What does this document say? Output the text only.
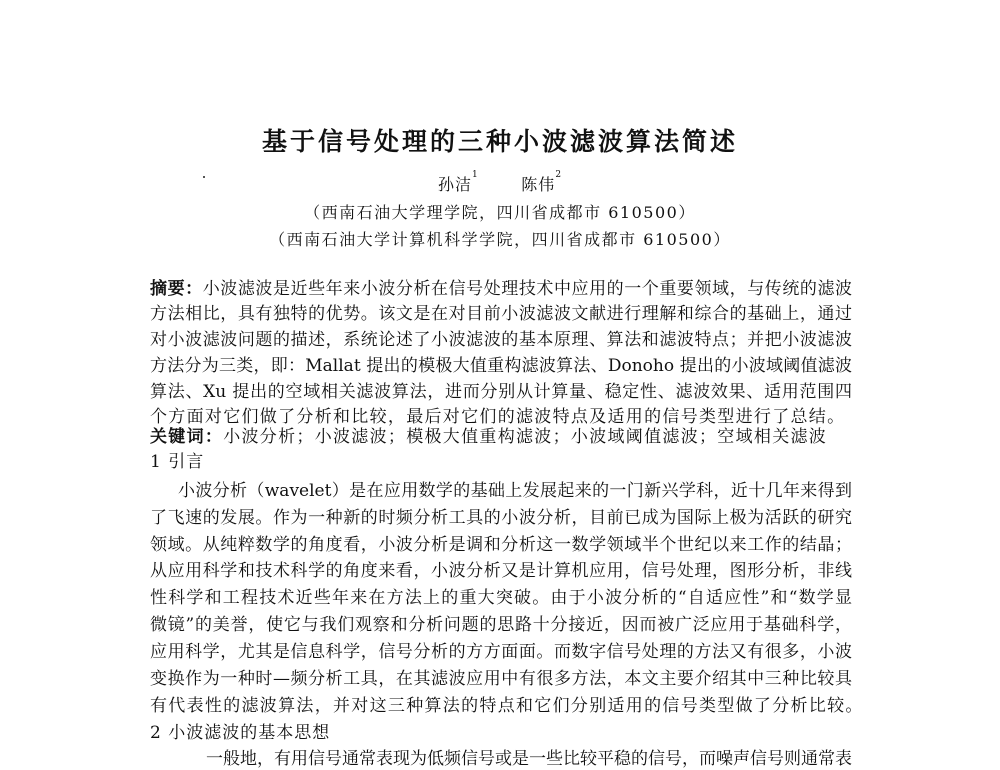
基于信号处理的三种小波滤波算法简述
孙洁$^1$	陈伟$^2$
（西南石油大学理学院，四川省成都市 610500）
（西南石油大学计算机科学学院，四川省成都市 610500）
摘要：小波滤波是近些年来小波分析在信号处理技术中应用的一个重要领域，与传统的滤波
方法相比，具有独特的优势。该文是在对目前小波滤波文献进行理解和综合的基础上，通过
对小波滤波问题的描述，系统论述了小波滤波的基本原理、算法和滤波特点；并把小波滤波
方法分为三类，即：Mallat 提出的模极大值重构滤波算法、Donoho 提出的小波域阈值滤波
算法、Xu 提出的空域相关滤波算法，进而分别从计算量、稳定性、滤波效果、适用范围四
个方面对它们做了分析和比较，最后对它们的滤波特点及适用的信号类型进行了总结。
关键词：小波分析；小波滤波；模极大值重构滤波；小波域阈值滤波；空域相关滤波
1 引言
小波分析（wavelet）是在应用数学的基础上发展起来的一门新兴学科，近十几年来得到
了飞速的发展。作为一种新的时频分析工具的小波分析，目前已成为国际上极为活跃的研究
领域。从纯粹数学的角度看，小波分析是调和分析这一数学领域半个世纪以来工作的结晶；
从应用科学和技术科学的角度来看，小波分析又是计算机应用，信号处理，图形分析，非线
性科学和工程技术近些年来在方法上的重大突破。由于小波分析的“自适应性”和“数学显
微镜”的美誉，使它与我们观察和分析问题的思路十分接近，因而被广泛应用于基础科学，
应用科学，尤其是信息科学，信号分析的方方面面。而数字信号处理的方法又有很多，小波
变换作为一种时—频分析工具，在其滤波应用中有很多方法，本文主要介绍其中三种比较具
有代表性的滤波算法，并对这三种算法的特点和它们分别适用的信号类型做了分析比较。
2 小波滤波的基本思想
一般地，有用信号通常表现为低频信号或是一些比较平稳的信号，而噪声信号则通常表
